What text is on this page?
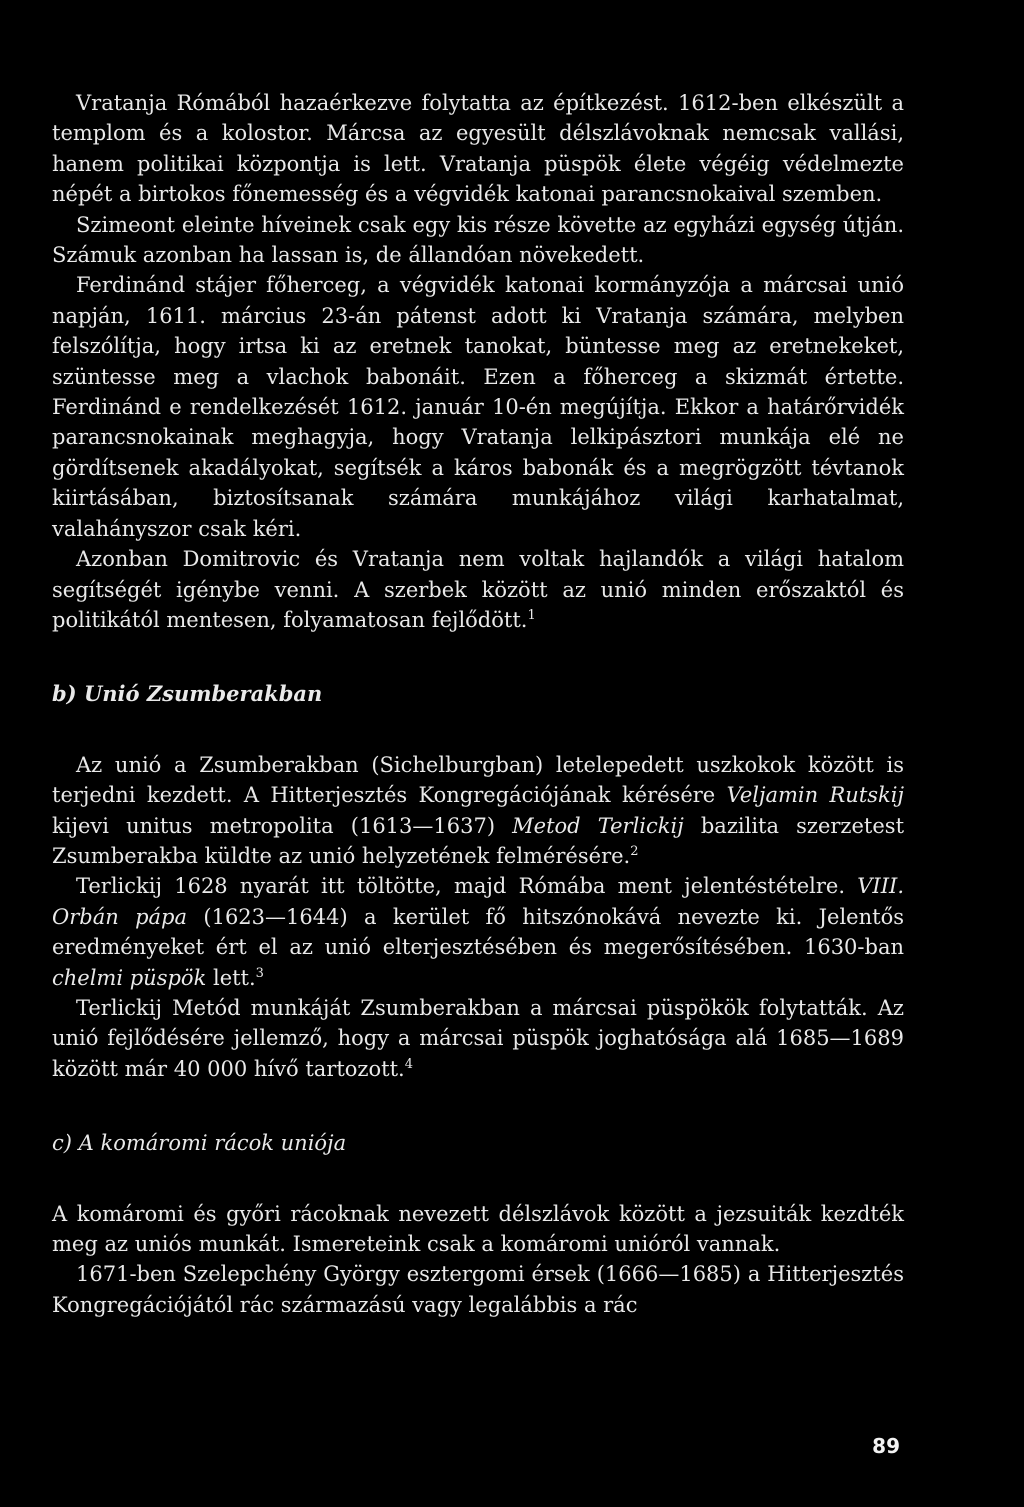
Vratanja Rómából hazaérkezve folytatta az építkezést. 1612-ben elkészült a templom és a kolostor. Márcsa az egyesült délszlávoknak nemcsak vallási, hanem politikai központja is lett. Vratanja püspök élete végéig védelmezte népét a birtokos főnemesség és a végvidék katonai parancsnokaival szemben.

Szimeont eleinte híveinek csak egy kis része követte az egyházi egység útján. Számuk azonban ha lassan is, de állandóan növekedett.

Ferdinánd stájer főherceg, a végvidék katonai kormányzója a márcsai unió napján, 1611. március 23-án pátenst adott ki Vratanja számára, melyben felszólítja, hogy irtsa ki az eretnek tanokat, büntesse meg az eretnekeket, szüntesse meg a vlachok babonáit. Ezen a főherceg a skizmát értette. Ferdinánd e rendelkezését 1612. január 10-én megújítja. Ekkor a határőrvidék parancsnokainak meghagyja, hogy Vratanja lelkipásztori munkája elé ne gördítsenek akadályokat, segítsék a káros babonák és a megrögzött tévtanok kiirtásában, biztosítsanak számára munkájához világi karhatalmat, valahányszor csak kéri.

Azonban Domitrovic és Vratanja nem voltak hajlandók a világi hatalom segítségét igénybe venni. A szerbek között az unió minden erőszaktól és politikától mentesen, folyamatosan fejlődött.$^1$

b) Unió Zsumberakban

Az unió a Zsumberakban (Sichelburgban) letelepedett uszkokok között is terjedni kezdett. A Hitterjesztés Kongregációjának kérésére Veljamin Rutskij kijevi unitus metropolita (1613—1637) Metod Terlickij bazilita szerzetest Zsumberakba küldte az unió helyzetének felmérésére.$^2$

Terlickij 1628 nyarát itt töltötte, majd Rómába ment jelentéstételre. VIII. Orbán pápa (1623—1644) a kerület fő hitszónokává nevezte ki. Jelentős eredményeket ért el az unió elterjesztésében és megerősítésében. 1630-ban chelmi püspök lett.$^3$

Terlickij Metód munkáját Zsumberakban a márcsai püspökök folytatták. Az unió fejlődésére jellemző, hogy a márcsai püspök joghatósága alá 1685—1689 között már 40 000 hívő tartozott.$^4$

c) A komáromi rácok uniója

A komáromi és győri rácoknak nevezett délszlávok között a jezsuiták kezdték meg az uniós munkát. Ismereteink csak a komáromi unióról vannak.

1671-ben Szelepchény György esztergomi érsek (1666—1685) a Hitterjesztés Kongregációjától rác származású vagy legalábbis a rác

89
